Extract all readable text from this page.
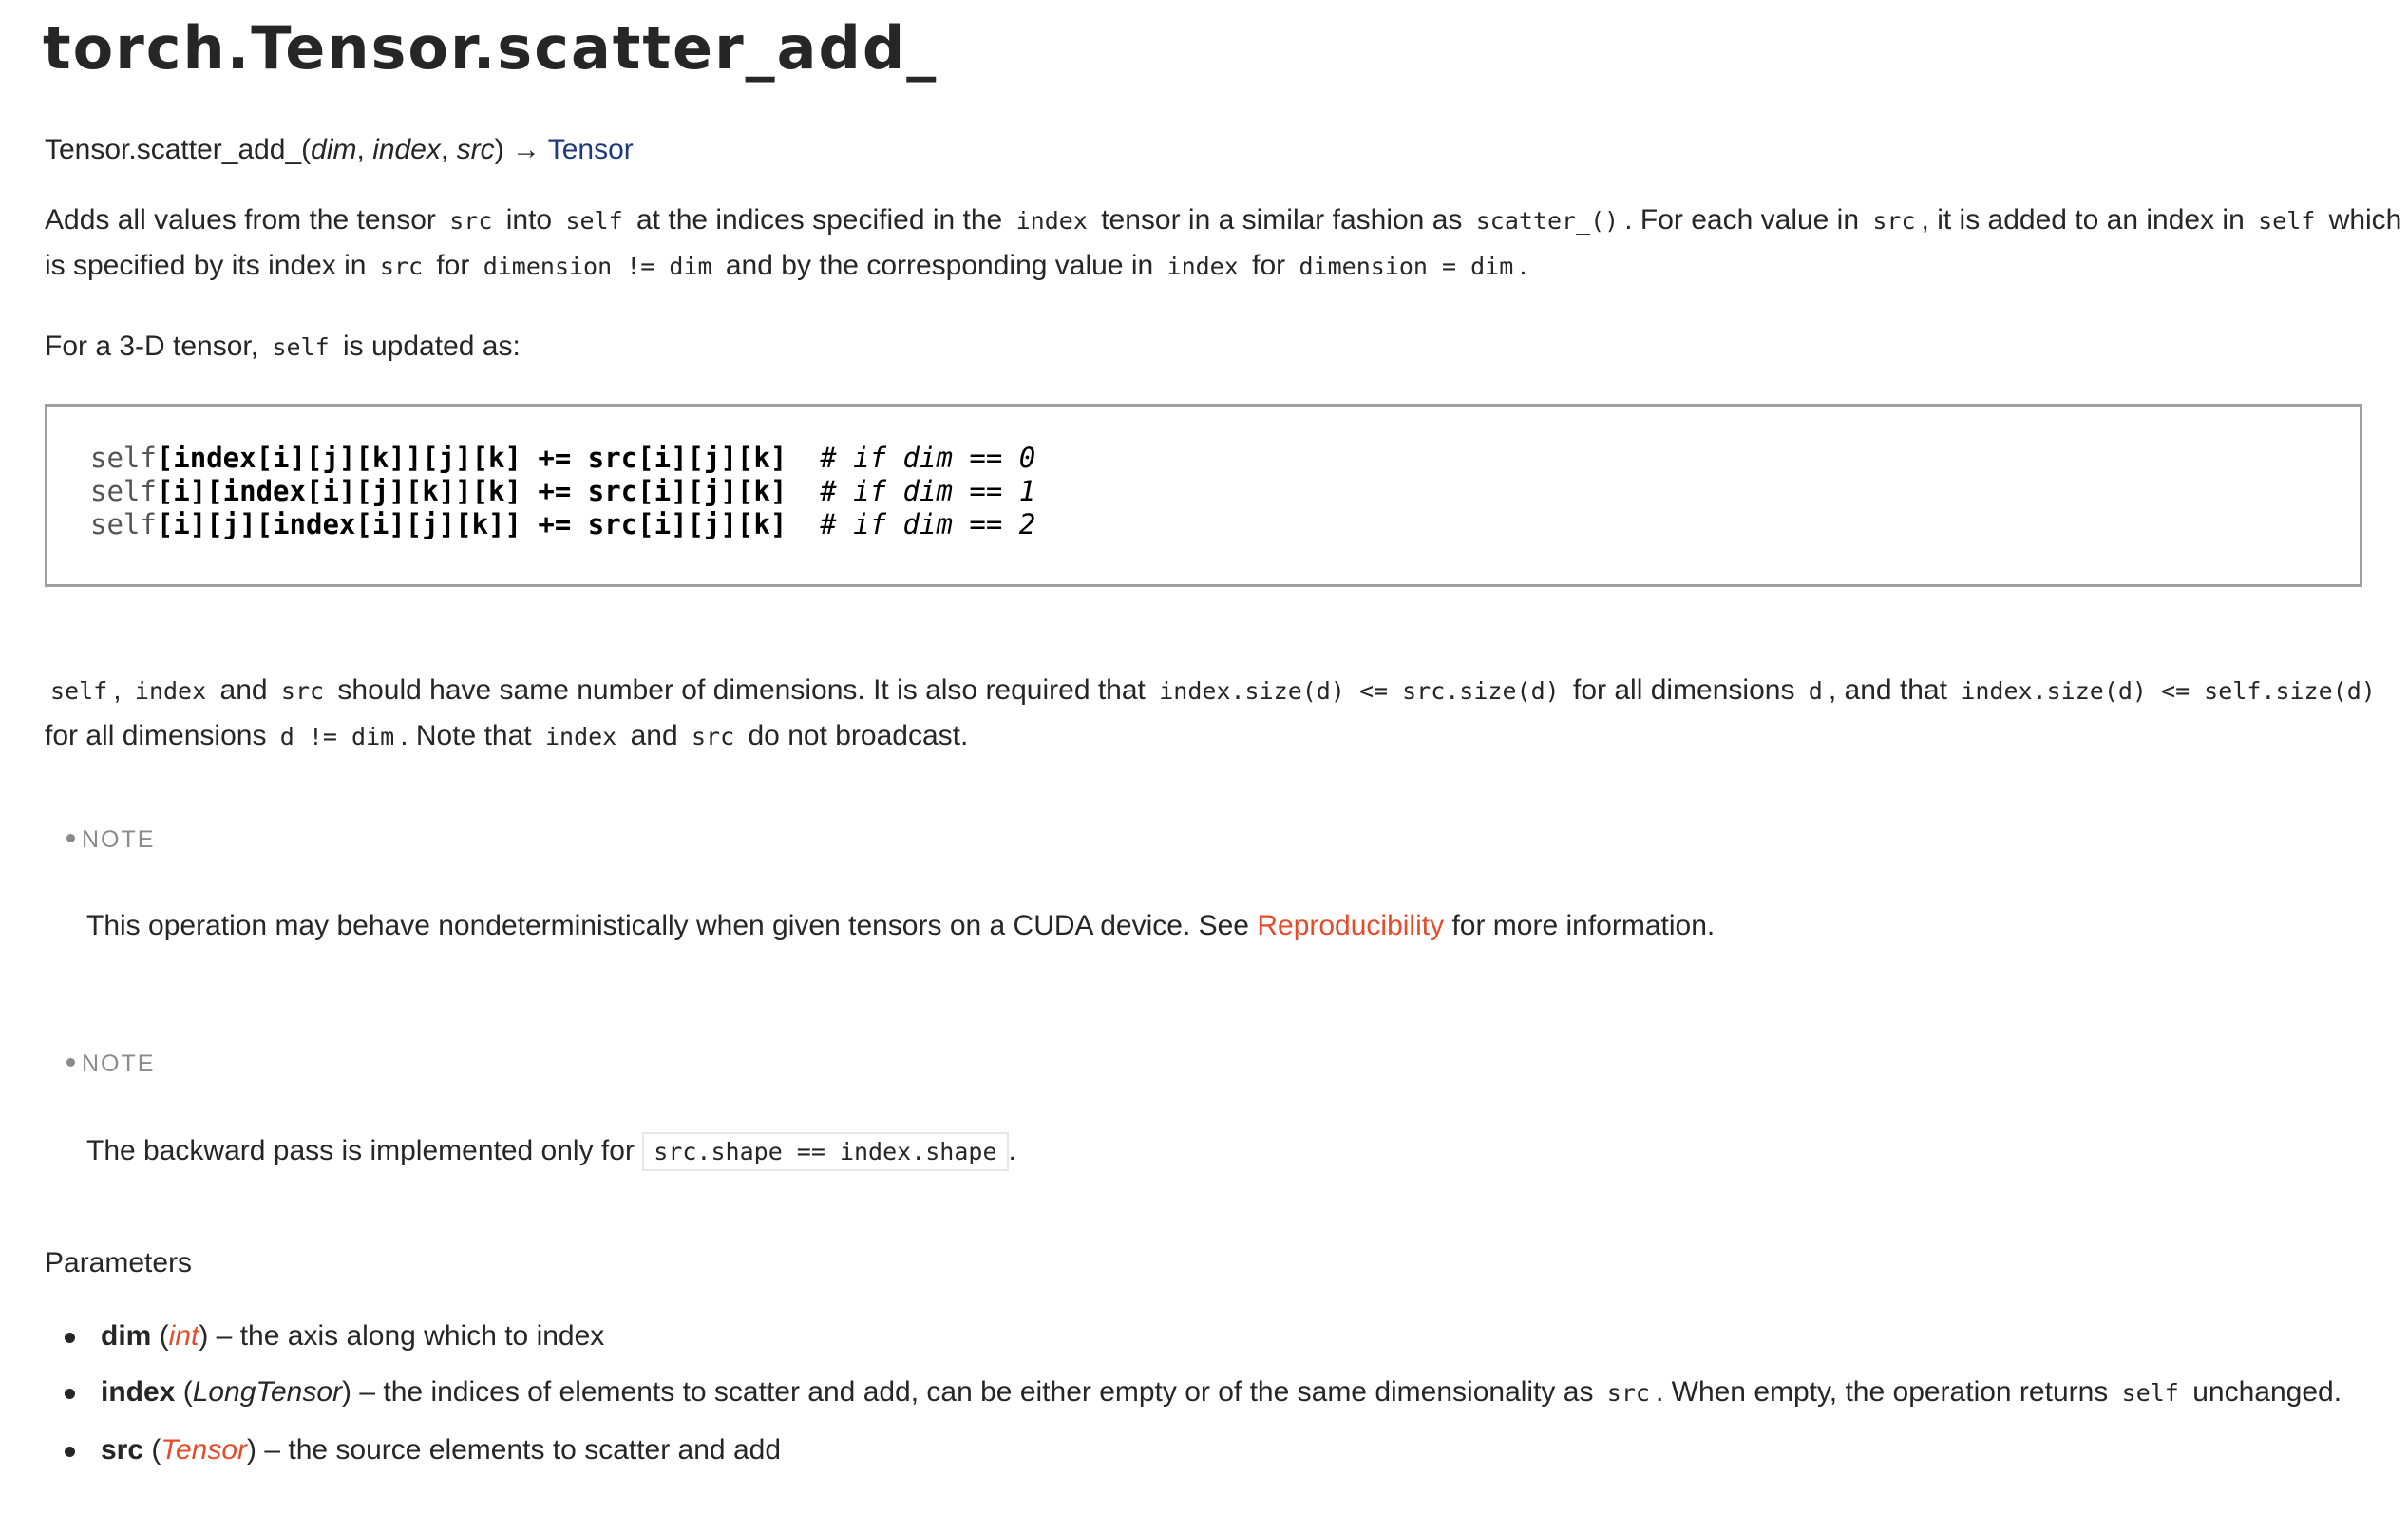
torch.Tensor.scatter_add_
Tensor.scatter_add_(dim, index, src) → Tensor
Adds all values from the tensor src into self at the indices specified in the index tensor in a similar fashion as scatter_() . For each value in src , it is added to an index in self which
is specified by its index in src for dimension != dim and by the corresponding value in index for dimension = dim .
For a 3-D tensor, self is updated as:
self[index[i][j][k]][j][k] += src[i][j][k] # if dim == 0
self[i][index[i][j][k]][k] += src[i][j][k] # if dim == 1
self[i][j][index[i][j][k]] += src[i][j][k] # if dim == 2
self , index and src should have same number of dimensions. It is also required that index.size(d) <= src.size(d) for all dimensions d , and that index.size(d) <= self.size(d)
for all dimensions d != dim . Note that index and src do not broadcast.
NOTE
This operation may behave nondeterministically when given tensors on a CUDA device. See Reproducibility for more information.
NOTE
The backward pass is implemented only for src.shape == index.shape .
Parameters
dim (int) – the axis along which to index
index (LongTensor) – the indices of elements to scatter and add, can be either empty or of the same dimensionality as src . When empty, the operation returns self unchanged.
src (Tensor) – the source elements to scatter and add
